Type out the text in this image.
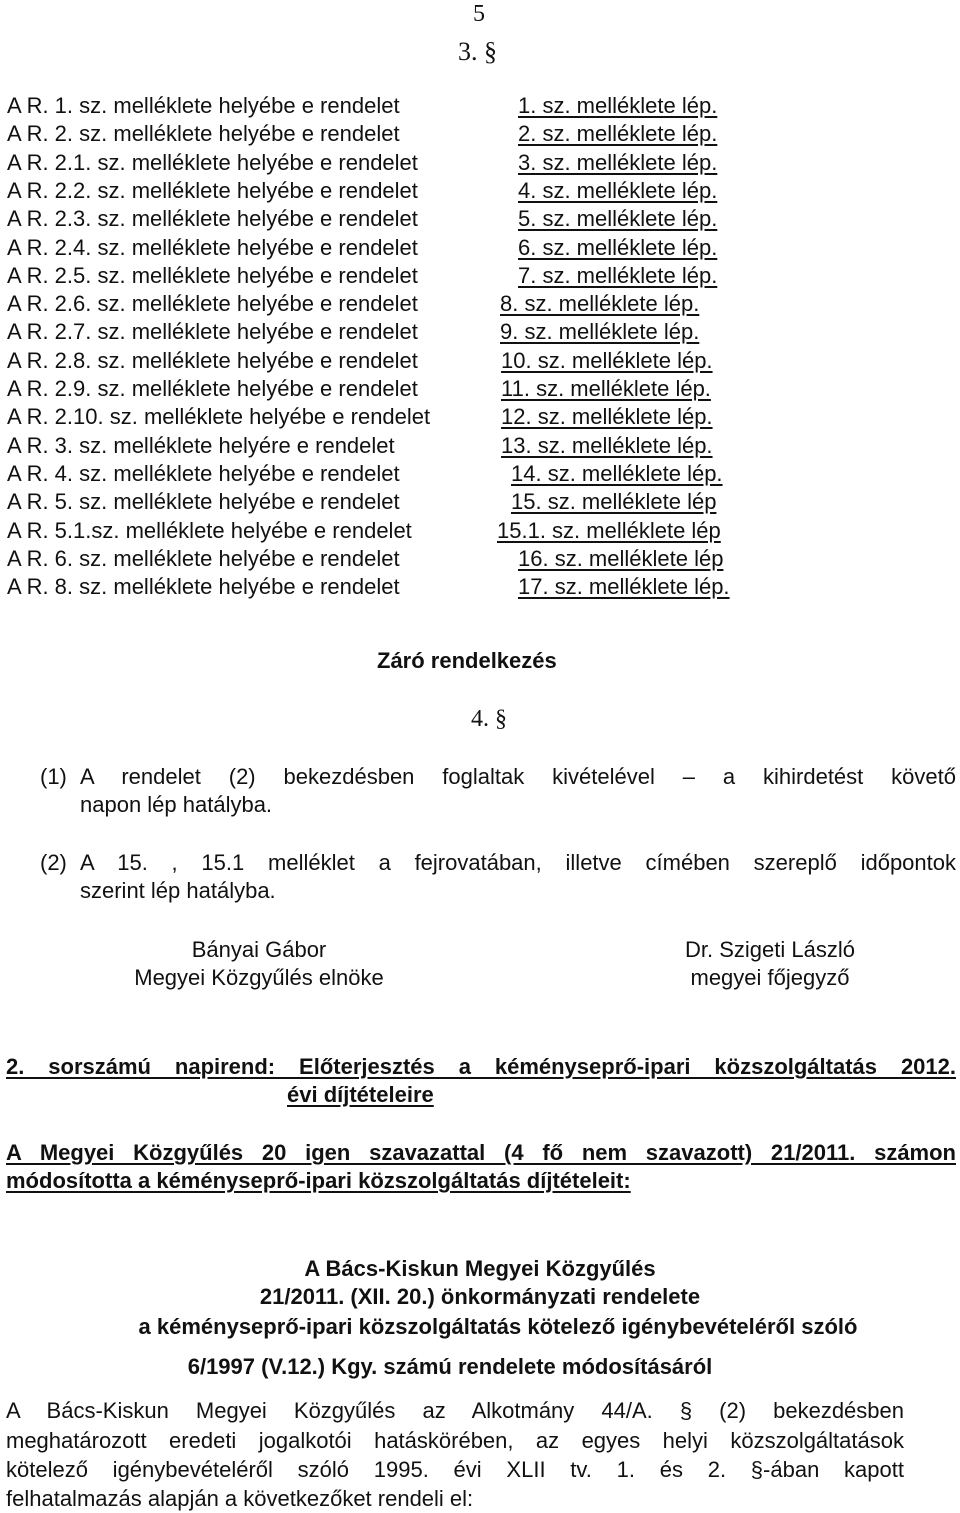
5
3. §
A R. 1. sz. melléklete helyébe e rendelet	1. sz. melléklete lép.
A R. 2. sz. melléklete helyébe e rendelet	2. sz. melléklete lép.
A R. 2.1. sz. melléklete helyébe e rendelet	3. sz. melléklete lép.
A R. 2.2. sz. melléklete helyébe e rendelet	4. sz. melléklete lép.
A R. 2.3. sz. melléklete helyébe e rendelet	5. sz. melléklete lép.
A R. 2.4. sz. melléklete helyébe e rendelet	6. sz. melléklete lép.
A R. 2.5. sz. melléklete helyébe e rendelet	7. sz. melléklete lép.
A R. 2.6. sz. melléklete helyébe e rendelet	8. sz. melléklete lép.
A R. 2.7. sz. melléklete helyébe e rendelet	9. sz. melléklete lép.
A R. 2.8. sz. melléklete helyébe e rendelet	10. sz. melléklete lép.
A R. 2.9. sz. melléklete helyébe e rendelet	11. sz. melléklete lép.
A R. 2.10. sz. melléklete helyébe e rendelet	12. sz. melléklete lép.
A R. 3. sz. melléklete helyére e rendelet	13. sz. melléklete lép.
A R. 4. sz. melléklete helyébe e rendelet	14. sz. melléklete lép.
A R. 5. sz. melléklete helyébe e rendelet	15. sz. melléklete lép
A R. 5.1.sz. melléklete helyébe e rendelet	15.1. sz. melléklete lép
A R. 6. sz. melléklete helyébe e rendelet	16. sz. melléklete lép
A R. 8. sz. melléklete helyébe e rendelet	17. sz. melléklete lép.
Záró rendelkezés
4. §
(1) A rendelet (2) bekezdésben foglaltak kivételével – a kihirdetést követő
napon lép hatályba.
(2) A 15. , 15.1 melléklet a fejrovatában, illetve címében szereplő időpontok
szerint lép hatályba.
Bányai Gábor
Megyei Közgyűlés elnöke
Dr. Szigeti László
megyei főjegyző
2. sorszámú napirend: Előterjesztés a kéményseprő-ipari közszolgáltatás 2012.
évi díjtételeire
A Megyei Közgyűlés 20 igen szavazattal (4 fő nem szavazott) 21/2011. számon
módosította a kéményseprő-ipari közszolgáltatás díjtételeit:
A Bács-Kiskun Megyei Közgyűlés
21/2011. (XII. 20.) önkormányzati rendelete
a kéményseprő-ipari közszolgáltatás kötelező igénybevételéről szóló
6/1997 (V.12.) Kgy. számú rendelete módosításáról
A Bács-Kiskun Megyei Közgyűlés az Alkotmány 44/A. § (2) bekezdésben
meghatározott eredeti jogalkotói hatáskörében, az egyes helyi közszolgáltatások
kötelező igénybevételéről szóló 1995. évi XLII tv. 1. és 2. §-ában kapott
felhatalmazás alapján a következőket rendeli el:
